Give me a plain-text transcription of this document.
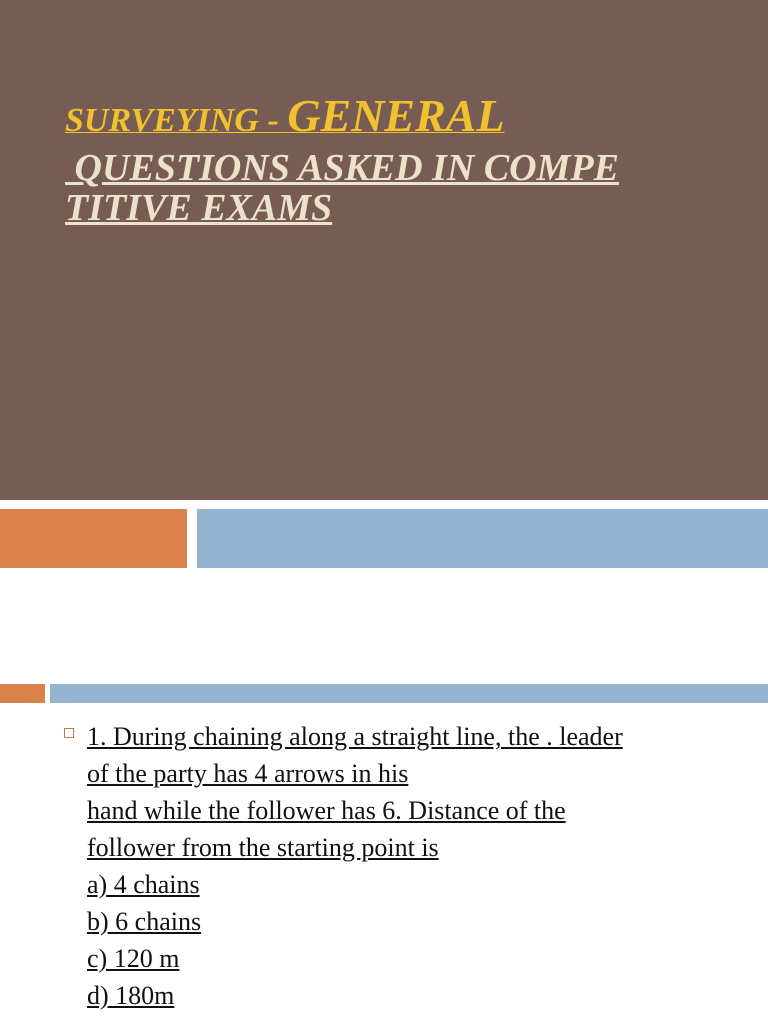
SURVEYING - GENERAL
QUESTIONS ASKED IN COMPE
TITIVE EXAMS
1. During chaining along a straight line, the . leader
of the party has 4 arrows in his
hand while the follower has 6. Distance of the
follower from the starting point is
a) 4 chains
b) 6 chains
c) 120 m
d) 180m
